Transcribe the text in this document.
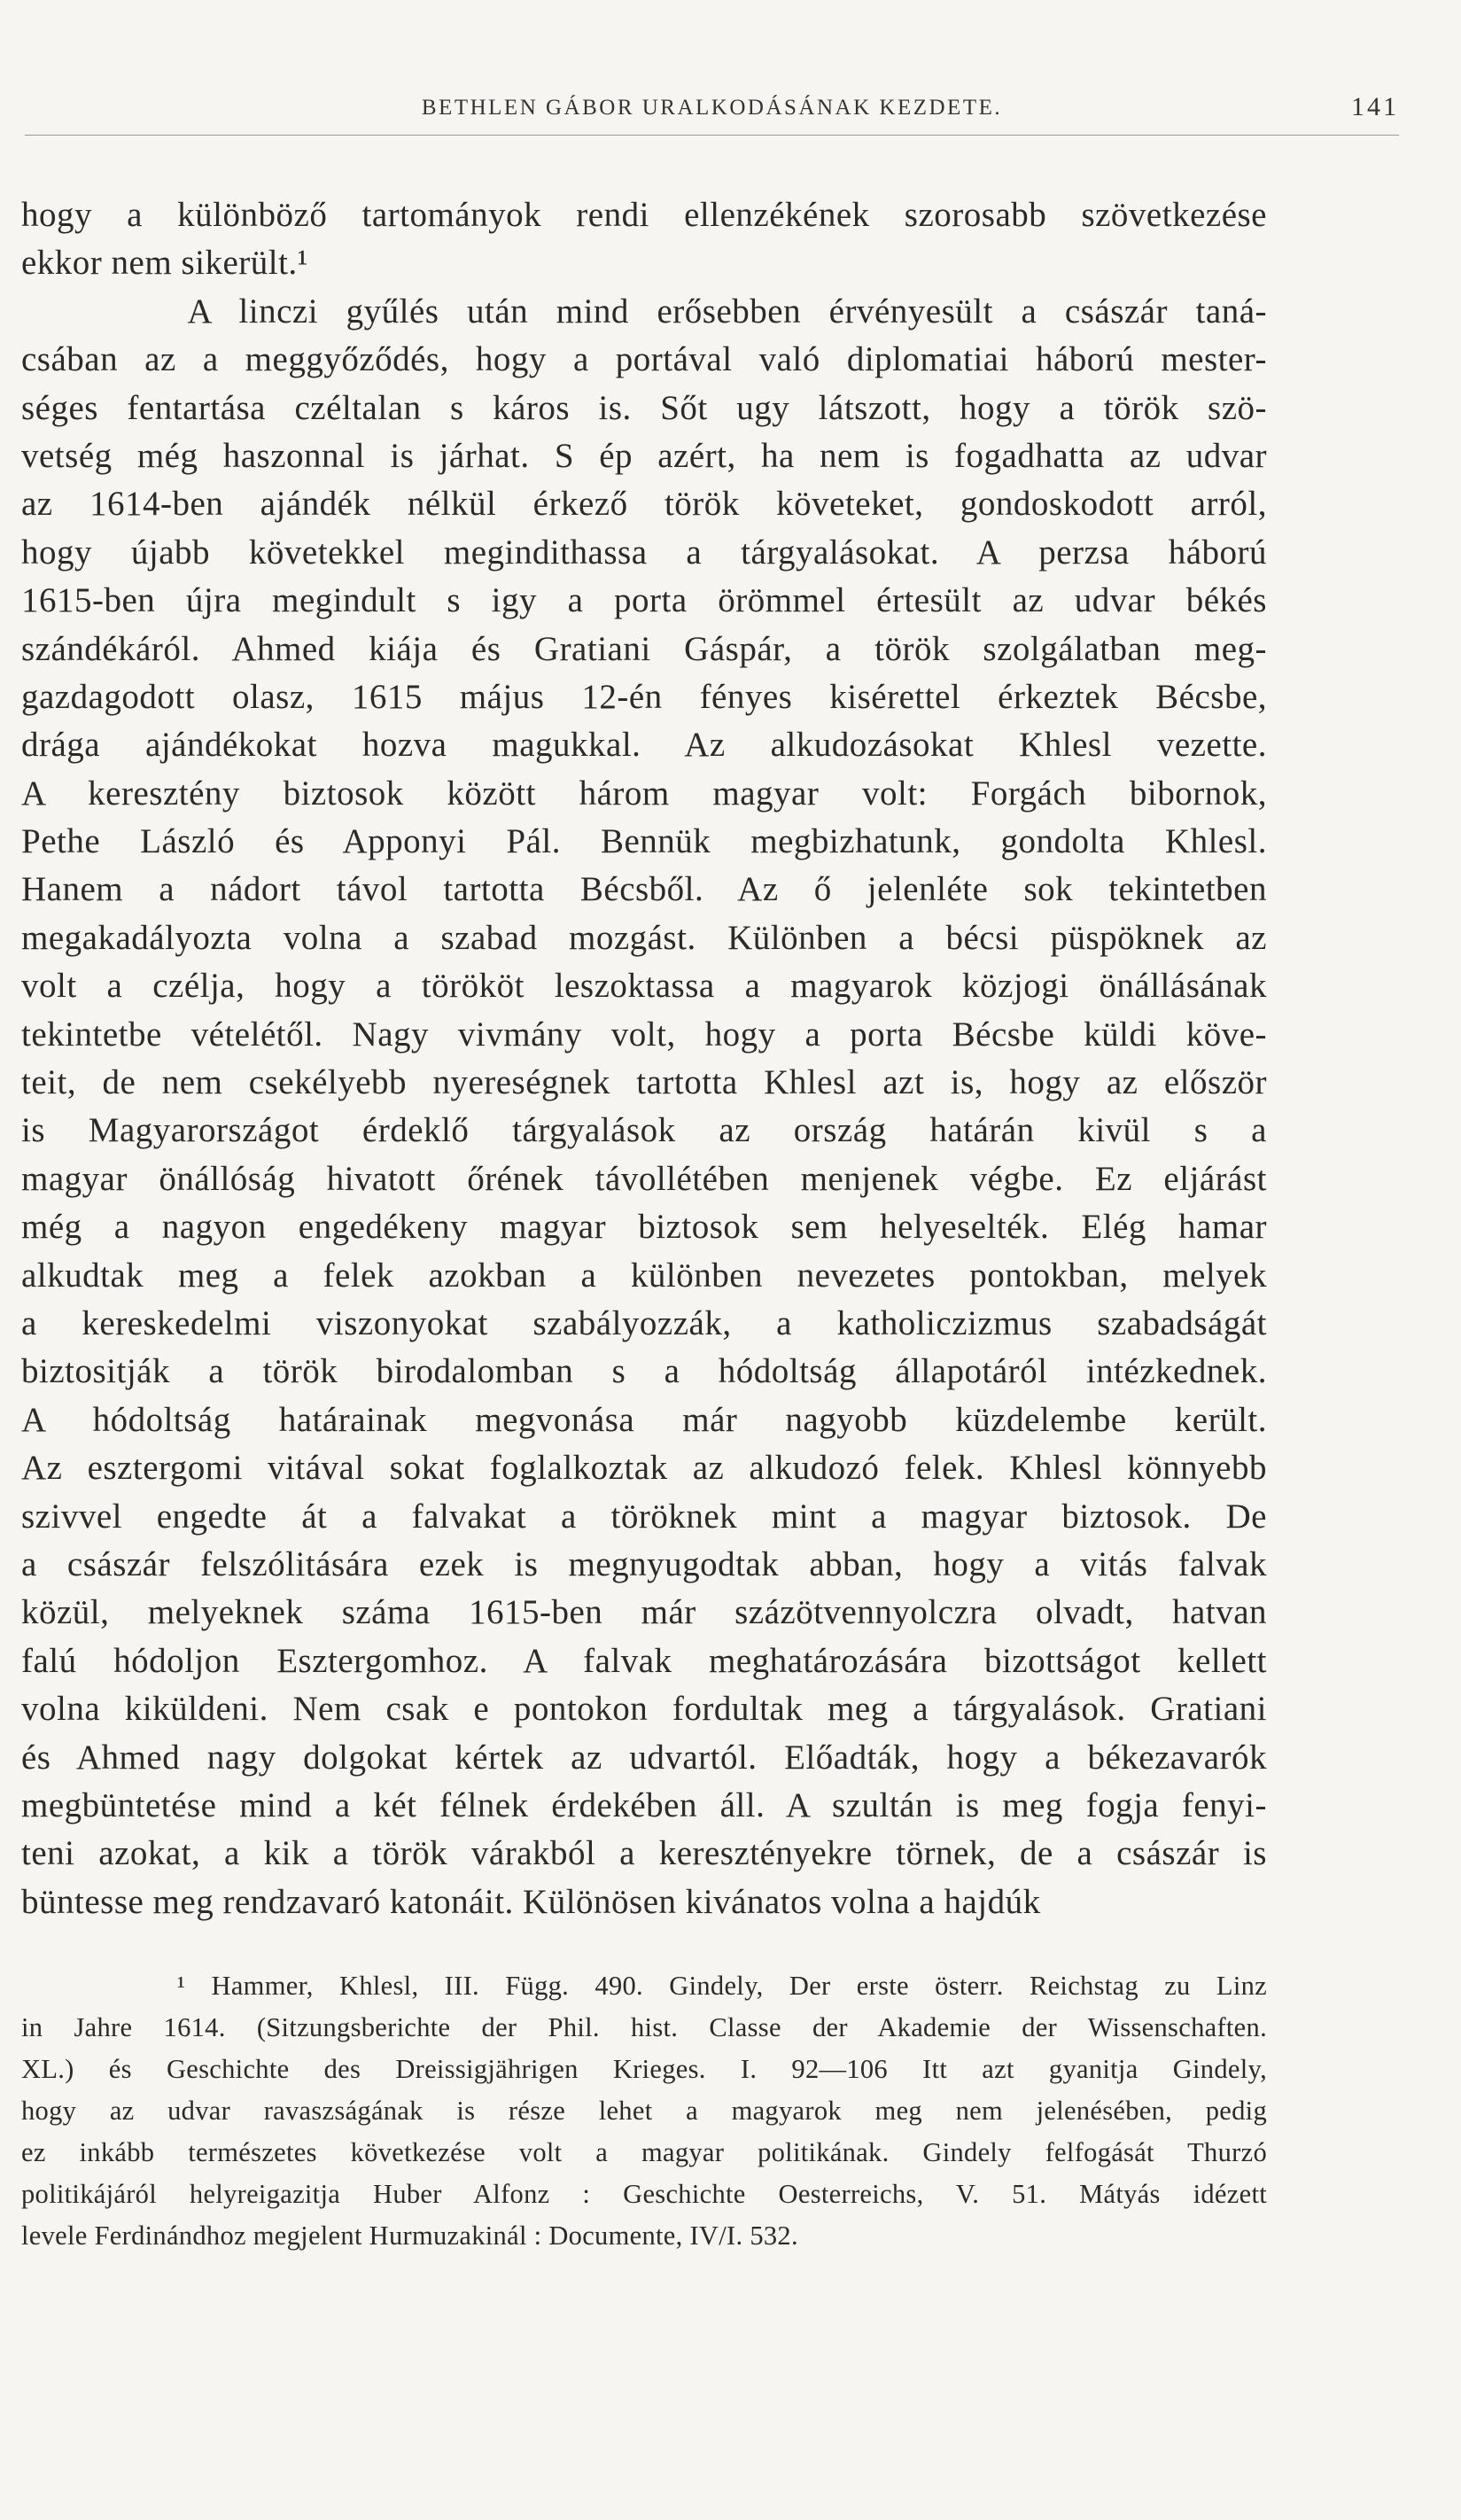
BETHLEN GÁBOR URALKODÁSÁNAK KEZDETE.	141
hogy a különböző tartományok rendi ellenzékének szorosabb szövetkezése
ekkor nem sikerült.¹
A linczi gyűlés után mind erősebben érvényesült a császár taná-
csában az a meggyőződés, hogy a portával való diplomatiai háború mester-
séges fentartása czéltalan s káros is. Sőt ugy látszott, hogy a török szö-
vetség még haszonnal is járhat. S ép azért, ha nem is fogadhatta az udvar
az 1614-ben ajándék nélkül érkező török követeket, gondoskodott arról,
hogy újabb követekkel megindithassa a tárgyalásokat. A perzsa háború
1615-ben újra megindult s igy a porta örömmel értesült az udvar békés
szándékáról. Ahmed kiája és Gratiani Gáspár, a török szolgálatban meg-
gazdagodott olasz, 1615 május 12-én fényes kisérettel érkeztek Bécsbe,
drága ajándékokat hozva magukkal. Az alkudozásokat Khlesl vezette.
A keresztény biztosok között három magyar volt: Forgách bibornok,
Pethe László és Apponyi Pál. Bennük megbizhatunk, gondolta Khlesl.
Hanem a nádort távol tartotta Bécsből. Az ő jelenléte sok tekintetben
megakadályozta volna a szabad mozgást. Különben a bécsi püspöknek az
volt a czélja, hogy a törököt leszoktassa a magyarok közjogi önállásának
tekintetbe vételétől. Nagy vivmány volt, hogy a porta Bécsbe küldi köve-
teit, de nem csekélyebb nyereségnek tartotta Khlesl azt is, hogy az először
is Magyarországot érdeklő tárgyalások az ország határán kivül s a
magyar önállóság hivatott őrének távollétében menjenek végbe. Ez eljárást
még a nagyon engedékeny magyar biztosok sem helyeselték. Elég hamar
alkudtak meg a felek azokban a különben nevezetes pontokban, melyek
a kereskedelmi viszonyokat szabályozzák, a katholiczizmus szabadságát
biztositják a török birodalomban s a hódoltság állapotáról intézkednek.
A hódoltság határainak megvonása már nagyobb küzdelembe került.
Az esztergomi vitával sokat foglalkoztak az alkudozó felek. Khlesl könnyebb
szivvel engedte át a falvakat a töröknek mint a magyar biztosok. De
a császár felszólitására ezek is megnyugodtak abban, hogy a vitás falvak
közül, melyeknek száma 1615-ben már százötvennyolczra olvadt, hatvan
falú hódoljon Esztergomhoz. A falvak meghatározására bizottságot kellett
volna kiküldeni. Nem csak e pontokon fordultak meg a tárgyalások. Gratiani
és Ahmed nagy dolgokat kértek az udvartól. Előadták, hogy a békezavarók
megbüntetése mind a két félnek érdekében áll. A szultán is meg fogja fenyi-
teni azokat, a kik a török várakból a keresztényekre törnek, de a császár is
büntesse meg rendzavaró katonáit. Különösen kivánatos volna a hajdúk
¹ Hammer, Khlesl, III. Függ. 490. Gindely, Der erste österr. Reichstag zu Linz
in Jahre 1614. (Sitzungsberichte der Phil. hist. Classe der Akademie der Wissenschaften.
XL.) és Geschichte des Dreissigjährigen Krieges. I. 92—106 Itt azt gyanitja Gindely,
hogy az udvar ravaszságának is része lehet a magyarok meg nem jelenésében, pedig
ez inkább természetes következése volt a magyar politikának. Gindely felfogását Thurzó
politikájáról helyreigazitja Huber Alfonz : Geschichte Oesterreichs, V. 51. Mátyás idézett
levele Ferdinándhoz megjelent Hurmuzakinál : Documente, IV/I. 532.
